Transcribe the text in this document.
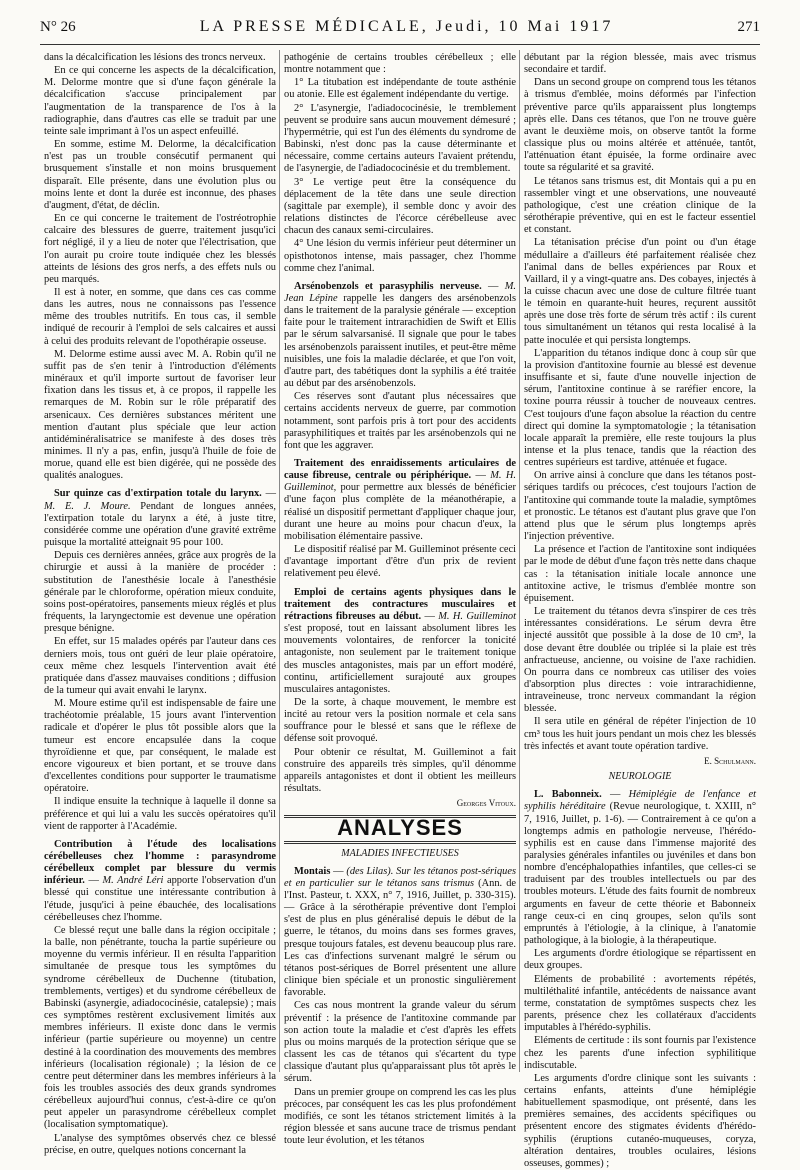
N° 26	LA PRESSE MÉDICALE, Jeudi, 10 Mai 1917	271

dans la décalcification les lésions des troncs nerveux.

En ce qui concerne les aspects de la décalcification, M. Delorme montre que si d'une façon générale la décalcification s'accuse principalement par l'augmentation de la transparence de l'os à la radiographie, dans d'autres cas elle se traduit par une teinte sale imprimant à l'os un aspect enfeuillé.

En somme, estime M. Delorme, la décalcification n'est pas un trouble consécutif permanent qui brusquement s'installe et non moins brusquement disparaît. Elle présente, dans une évolution plus ou moins lente et dont la durée est inconnue, des phases d'augment, d'état, de déclin.

En ce qui concerne le traitement de l'ostréotrophie calcaire des blessures de guerre, traitement jusqu'ici fort négligé, il y a lieu de noter que l'électrisation, que l'on aurait pu croire toute indiquée chez les blessés atteints de lésions des gros nerfs, a des effets nuls ou peu marqués.

Il est à noter, en somme, que dans ces cas comme dans les autres, nous ne connaissons pas l'essence même des troubles nutritifs. En tous cas, il semble indiqué de recourir à l'emploi de sels calcaires et aussi à celui des produits relevant de l'opothérapie osseuse.

M. Delorme estime aussi avec M. A. Robin qu'il ne suffit pas de s'en tenir à l'introduction d'éléments minéraux et qu'il importe surtout de favoriser leur fixation dans les tissus et, à ce propos, il rappelle les remarques de M. Robin sur le rôle préparatif des arsenicaux. Ces dernières substances méritent une mention d'autant plus spéciale que leur action antidéminéralisatrice se manifeste à des doses très minimes. Il n'y a pas, enfin, jusqu'à l'huile de foie de morue, quand elle est bien digérée, qui ne possède des qualités analogues.

Sur quinze cas d'extirpation totale du larynx. — M. E. J. Moure. Pendant de longues années, l'extirpation totale du larynx a été, à juste titre, considérée comme une opération d'une gravité extrême puisque la mortalité atteignait 95 pour 100.

Depuis ces dernières années, grâce aux progrès de la chirurgie et aussi à la manière de procéder : substitution de l'anesthésie locale à l'anesthésie générale par le chloroforme, opération mieux conduite, soins post-opératoires, pansements mieux réglés et plus fréquents, la laryngectomie est devenue une opération presque bénigne.

En effet, sur 15 malades opérés par l'auteur dans ces derniers mois, tous ont guéri de leur plaie opératoire, ceux même chez lesquels l'intervention avait été pratiquée dans d'assez mauvaises conditions ; diffusion de la tumeur qui avait envahi le larynx.

M. Moure estime qu'il est indispensable de faire une trachéotomie préalable, 15 jours avant l'intervention radicale et d'opérer le plus tôt possible alors que la tumeur est encore encapsulée dans la coque thyroïdienne et que, par conséquent, le malade est encore vigoureux et bien portant, et se trouve dans d'excellentes conditions pour supporter le traumatisme opératoire.

Il indique ensuite la technique à laquelle il donne sa préférence et qui lui a valu les succès opératoires qu'il vient de rapporter à l'Académie.

Contribution à l'étude des localisations cérébelleuses chez l'homme : parasyndrome cérébelleux complet par blessure du vermis inférieur. — M. André Léri apporte l'observation d'un blessé qui constitue une intéressante contribution à l'étude, jusqu'ici à peine ébauchée, des localisations cérébelleuses chez l'homme.

Ce blessé reçut une balle dans la région occipitale ; la balle, non pénétrante, toucha la partie supérieure ou moyenne du vermis inférieur. Il en résulta l'apparition simultanée de presque tous les symptômes du syndrome cérébelleux de Duchenne (titubation, tremblements, vertiges) et du syndrome cérébelleux de Babinski (asynergie, adiadococinésie, catalepsie) ; mais ces symptômes restèrent exclusivement limités aux membres inférieurs. Il existe donc dans le vermis inférieur (partie supérieure ou moyenne) un centre destiné à la coordination des mouvements des membres inférieurs (localisation régionale) ; la lésion de ce centre peut déterminer dans les membres inférieurs à la fois les troubles associés des deux grands syndromes cérébelleux aujourd'hui connus, c'est-à-dire ce qu'on peut appeler un parasyndrome cérébelleux complet (localisation symptomatique).

L'analyse des symptômes observés chez ce blessé précise, en outre, quelques notions concernant la

pathogénie de certains troubles cérébelleux ; elle montre notamment que :

1° La titubation est indépendante de toute asthénie ou atonie. Elle est également indépendante du vertige.

2° L'asynergie, l'adiadococinésie, le tremblement peuvent se produire sans aucun mouvement démesuré ; l'hypermétrie, qui est l'un des éléments du syndrome de Babinski, n'est donc pas la cause déterminante et nécessaire, comme certains auteurs l'avaient prétendu, de l'asynergie, de l'adiadococinésie et du tremblement.

3° Le vertige peut être la conséquence du déplacement de la tête dans une seule direction (sagittale par exemple), il semble donc y avoir des relations distinctes de l'écorce cérébelleuse avec chacun des canaux semi-circulaires.

4° Une lésion du vermis inférieur peut déterminer un opisthotonos intense, mais passager, chez l'homme comme chez l'animal.

Arsénobenzols et parasyphilis nerveuse. — M. Jean Lépine rappelle les dangers des arsénobenzols dans le traitement de la paralysie générale — exception faite pour le traitement intrarachidien de Swift et Ellis par le sérum salvarsanisé. Il signale que pour le tabes les arsénobenzols paraissent inutiles, et peut-être même nuisibles, une fois la maladie déclarée, et que l'on voit, d'autre part, des tabétiques dont la syphilis a été traitée au début par des arsénobenzols.

Ces réserves sont d'autant plus nécessaires que certains accidents nerveux de guerre, par commotion notamment, sont parfois pris à tort pour des accidents parasyphilitiques et traités par les arsénobenzols qui ne font que les aggraver.

Traitement des enraidissements articulaires de cause fibreuse, centrale ou périphérique. — M. H. Guilleminot, pour permettre aux blessés de bénéficier d'une façon plus complète de la méanothérapie, a réalisé un dispositif permettant d'appliquer chaque jour, durant une heure au moins pour chacun d'eux, la mobilisation élémentaire passive.

Le dispositif réalisé par M. Guilleminot présente ceci d'avantage important d'être d'un prix de revient relativement peu élevé.

Emploi de certains agents physiques dans le traitement des contractures musculaires et rétractions fibreuses au début. — M. H. Guilleminot s'est proposé, tout en laissant absolument libres les mouvements volontaires, de renforcer la tonicité antagoniste, non seulement par le traitement tonique des muscles antagonistes, mais par un effort modéré, continu, artificiellement surajouté aux groupes musculaires antagonistes.

De la sorte, à chaque mouvement, le membre est incité au retour vers la position normale et cela sans souffrance pour le blessé et sans que le réflexe de défense soit provoqué.

Pour obtenir ce résultat, M. Guilleminot a fait construire des appareils très simples, qu'il dénomme appareils antagonistes et dont il obtient les meilleurs résultats.

Georges Vitoux.
ANALYSES
MALADIES INFECTIEUSES

Montais — (des Lilas). Sur les tétanos post-sériques et en particulier sur le tétanos sans trismus (Ann. de l'Inst. Pasteur, t. XXX, n° 7, 1916, Juillet, p. 330-315). — Grâce à la sérothérapie préventive dont l'emploi s'est de plus en plus généralisé depuis le début de la guerre, le tétanos, du moins dans ses formes graves, presque toujours fatales, est devenu beaucoup plus rare. Les cas d'infections survenant malgré le sérum ou tétanos post-sériques de Borrel présentent une allure clinique bien spéciale et un pronostic singulièrement favorable.

Ces cas nous montrent la grande valeur du sérum préventif : la présence de l'antitoxine commande par son action toute la maladie et c'est d'après les effets plus ou moins marqués de la protection sérique que se classent les cas de tétanos qui s'écartent du type classique d'autant plus qu'apparaissant plus tôt après le sérum.

Dans un premier groupe on comprend les cas les plus précoces, par conséquent les cas les plus profondément modifiés, ce sont les tétanos strictement limités à la région blessée et sans aucune trace de trismus pendant toute leur évolution, et les tétanos

débutant par la région blessée, mais avec trismus secondaire et tardif.

Dans un second groupe on comprend tous les tétanos à trismus d'emblée, moins déformés par l'infection préventive parce qu'ils apparaissent plus longtemps après elle. Dans ces tétanos, que l'on ne trouve guère avant le deuxième mois, on observe tantôt la forme classique plus ou moins altérée et atténuée, tantôt, l'atténuation étant épuisée, la forme ordinaire avec toute sa régularité et sa gravité.

Le tétanos sans trismus est, dit Montais qui a pu en rassembler vingt et une observations, une nouveauté pathologique, c'est une création clinique de la sérothérapie préventive, qui en est le facteur essentiel et constant.

La tétanisation précise d'un point ou d'un étage médullaire a d'ailleurs été parfaitement réalisée chez l'animal dans de belles expériences par Roux et Vaillard, il y a vingt-quatre ans. Des cobayes, injectés à la cuisse chacun avec une dose de culture filtrée tuant le témoin en quarante-huit heures, reçurent aussitôt après une dose très forte de sérum très actif : ils curent tous simultanément un tétanos qui resta localisé à la patte inoculée et qui persista longtemps.

L'apparition du tétanos indique donc à coup sûr que la provision d'antitoxine fournie au blessé est devenue insuffisante et si, faute d'une nouvelle injection de sérum, l'antitoxine continue à se raréfier encore, la toxine pourra réussir à toucher de nouveaux centres. C'est toujours d'une façon absolue la réaction du centre direct qui domine la symptomatologie ; la tétanisation locale apparaît la première, elle reste toujours la plus intense et la plus tenace, tandis que la réaction des centres supérieurs est tardive, atténuée et fugace.

On arrive ainsi à conclure que dans les tétanos post-sériques tardifs ou précoces, c'est toujours l'action de l'antitoxine qui commande toute la maladie, symptômes et pronostic. Le tétanos est d'autant plus grave que l'on attend plus que le sérum plus longtemps après l'injection préventive.

La présence et l'action de l'antitoxine sont indiquées par le mode de début d'une façon très nette dans chaque cas : la tétanisation initiale locale annonce une antitoxine active, le trismus d'emblée montre son épuisement.

Le traitement du tétanos devra s'inspirer de ces très intéressantes considérations. Le sérum devra être injecté aussitôt que possible à la dose de 10 cm³, la dose devant être doublée ou triplée si la plaie est très anfractueuse, ancienne, ou voisine de l'axe rachidien. On pourra dans ce nombreux cas utiliser des voies d'absorption plus directes : voie intrarachidienne, intraveineuse, tronc nerveux commandant la région blessée.

Il sera utile en général de répéter l'injection de 10 cm³ tous les huit jours pendant un mois chez les blessés très infectés et avant toute opération tardive.

E. Schulmann.
NEUROLOGIE

L. Babonneix. — Hémiplégie de l'enfance et syphilis héréditaire (Revue neurologique, t. XXIII, n° 7, 1916, Juillet, p. 1-6). — Contrairement à ce qu'on a longtemps admis en pathologie nerveuse, l'hérédo-syphilis est en cause dans l'immense majorité des paralysies générales infantiles ou juvéniles et dans bon nombre d'encéphalopathies infantiles, que celles-ci se traduisent par des troubles intellectuels ou par des troubles moteurs. L'étude des faits fournit de nombreux arguments en faveur de cette théorie et Babonneix range ceux-ci en cinq groupes, selon qu'ils sont empruntés à l'étiologie, à la clinique, à l'anatomie pathologique, à la biologie, à la thérapeutique.

Les arguments d'ordre étiologique se répartissent en deux groupes.

Eléments de probabilité : avortements répétés, multiléthalité infantile, antécédents de naissance avant terme, constatation de symptômes suspects chez les parents, présence chez les collatéraux d'accidents imputables à l'hérédo-syphilis.

Eléments de certitude : ils sont fournis par l'existence chez les parents d'une infection syphilitique indiscutable.

Les arguments d'ordre clinique sont les suivants : certains enfants, atteints d'une hémiplégie habituellement spasmodique, ont présenté, dans les premières semaines, des accidents spécifiques ou présentent encore des stigmates évidents d'hérédo-syphilis (éruptions cutanéo-muqueuses, coryza, altération dentaires, troubles oculaires, lésions osseuses, gommes) ;
